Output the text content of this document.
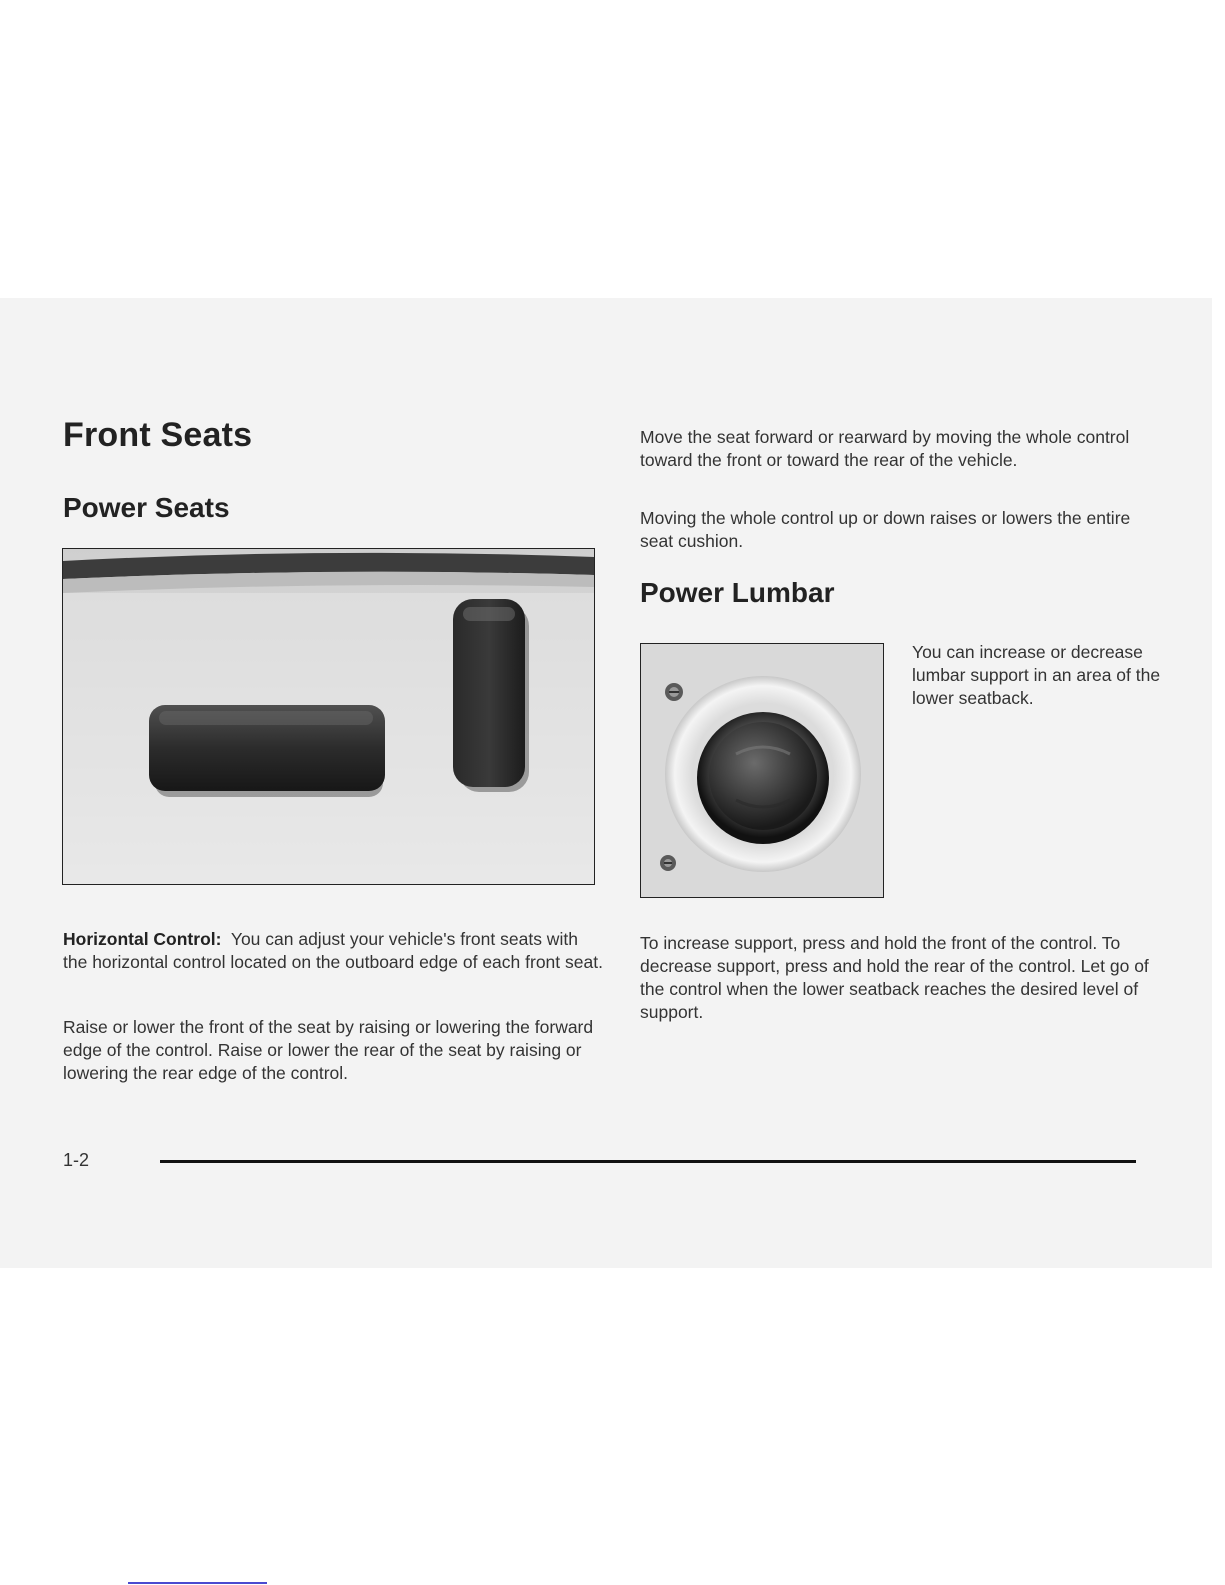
Front Seats
Power Seats

Horizontal Control: You can adjust your vehicle's front seats with the horizontal control located on the outboard edge of each front seat.

Raise or lower the front of the seat by raising or lowering the forward edge of the control. Raise or lower the rear of the seat by raising or lowering the rear edge of the control.

Move the seat forward or rearward by moving the whole control toward the front or toward the rear of the vehicle.

Moving the whole control up or down raises or lowers the entire seat cushion.

Power Lumbar

You can increase or decrease lumbar support in an area of the lower seatback.

To increase support, press and hold the front of the control. To decrease support, press and hold the rear of the control. Let go of the control when the lower seatback reaches the desired level of support.

1-2
